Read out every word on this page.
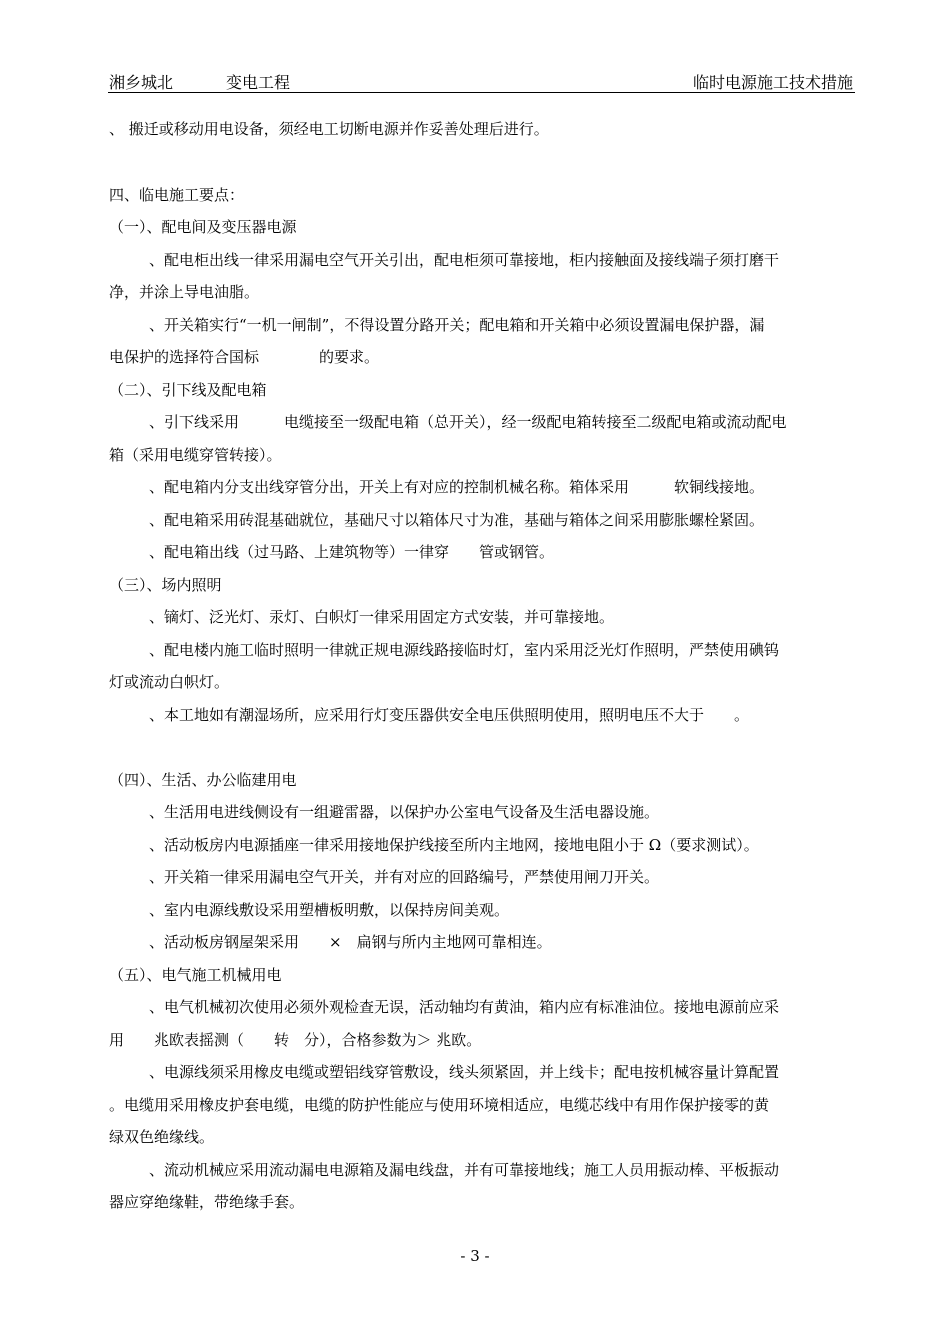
湘乡城北	变电工程	临时电源施工技术措施
、 搬迁或移动用电设备，须经电工切断电源并作妥善处理后进行。
四、临电施工要点：
（一）、配电间及变压器电源
、配电柜出线一律采用漏电空气开关引出，配电柜须可靠接地，柜内接触面及接线端子须打磨干
净，并涂上导电油脂。
、开关箱实行“一机一闸制”，不得设置分路开关；配电箱和开关箱中必须设置漏电保护器，漏
电保护的选择符合国标　　　　的要求。
（二）、引下线及配电箱
、引下线采用　　　电缆接至一级配电箱（总开关），经一级配电箱转接至二级配电箱或流动配电
箱（采用电缆穿管转接）。
、配电箱内分支出线穿管分出，开关上有对应的控制机械名称。箱体采用　　　软铜线接地。
、配电箱采用砖混基础就位，基础尺寸以箱体尺寸为准，基础与箱体之间采用膨胀螺栓紧固。
、配电箱出线（过马路、上建筑物等）一律穿　　管或钢管。
（三）、场内照明
、镝灯、泛光灯、汞灯、白帜灯一律采用固定方式安装，并可靠接地。
、配电楼内施工临时照明一律就正规电源线路接临时灯，室内采用泛光灯作照明，严禁使用碘钨
灯或流动白帜灯。
、本工地如有潮湿场所，应采用行灯变压器供安全电压供照明使用，照明电压不大于　　。
（四）、生活、办公临建用电
、生活用电进线侧设有一组避雷器，以保护办公室电气设备及生活电器设施。
、活动板房内电源插座一律采用接地保护线接至所内主地网，接地电阻小于 Ω（要求测试）。
、开关箱一律采用漏电空气开关，并有对应的回路编号，严禁使用闸刀开关。
、室内电源线敷设采用塑槽板明敷，以保持房间美观。
、活动板房钢屋架采用　　×　扁钢与所内主地网可靠相连。
（五）、电气施工机械用电
、电气机械初次使用必须外观检查无误，活动轴均有黄油，箱内应有标准油位。接地电源前应采
用　　兆欧表摇测（　　转　分），合格参数为＞ 兆欧。
、电源线须采用橡皮电缆或塑铝线穿管敷设，线头须紧固，并上线卡；配电按机械容量计算配置
。电缆用采用橡皮护套电缆，电缆的防护性能应与使用环境相适应，电缆芯线中有用作保护接零的黄
绿双色绝缘线。
、流动机械应采用流动漏电电源箱及漏电线盘，并有可靠接地线；施工人员用振动棒、平板振动
器应穿绝缘鞋，带绝缘手套。
- 3 -
